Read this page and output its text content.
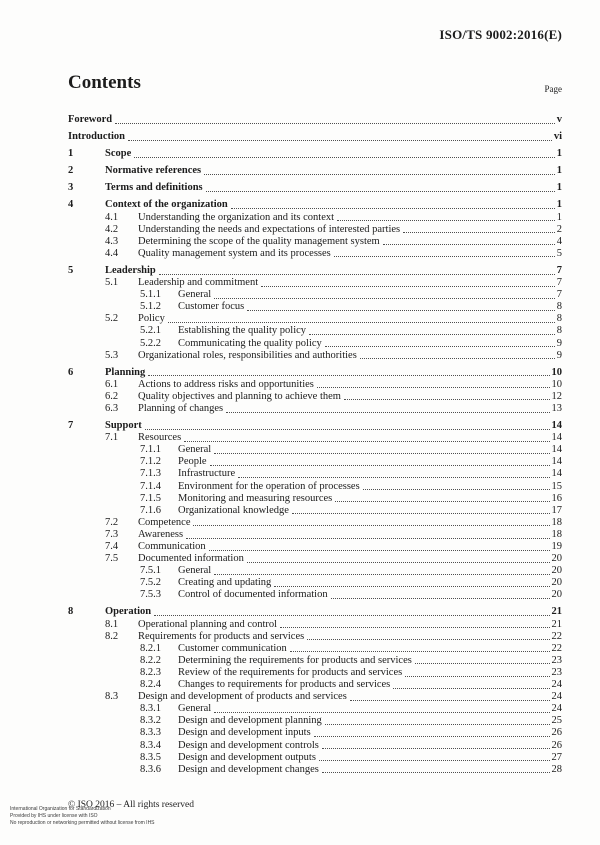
ISO/TS 9002:2016(E)
Contents	Page
Foreword	v
Introduction	vi
1	Scope	1
2	Normative references	1
3	Terms and definitions	1
4	Context of the organization	1
4.1	Understanding the organization and its context	1
4.2	Understanding the needs and expectations of interested parties	2
4.3	Determining the scope of the quality management system	4
4.4	Quality management system and its processes	5
5	Leadership	7
5.1	Leadership and commitment	7
5.1.1	General	7
5.1.2	Customer focus	8
5.2	Policy	8
5.2.1	Establishing the quality policy	8
5.2.2	Communicating the quality policy	9
5.3	Organizational roles, responsibilities and authorities	9
6	Planning	10
6.1	Actions to address risks and opportunities	10
6.2	Quality objectives and planning to achieve them	12
6.3	Planning of changes	13
7	Support	14
7.1	Resources	14
7.1.1	General	14
7.1.2	People	14
7.1.3	Infrastructure	14
7.1.4	Environment for the operation of processes	15
7.1.5	Monitoring and measuring resources	16
7.1.6	Organizational knowledge	17
7.2	Competence	18
7.3	Awareness	18
7.4	Communication	19
7.5	Documented information	20
7.5.1	General	20
7.5.2	Creating and updating	20
7.5.3	Control of documented information	20
8	Operation	21
8.1	Operational planning and control	21
8.2	Requirements for products and services	22
8.2.1	Customer communication	22
8.2.2	Determining the requirements for products and services	23
8.2.3	Review of the requirements for products and services	23
8.2.4	Changes to requirements for products and services	24
8.3	Design and development of products and services	24
8.3.1	General	24
8.3.2	Design and development planning	25
8.3.3	Design and development inputs	26
8.3.4	Design and development controls	26
8.3.5	Design and development outputs	27
8.3.6	Design and development changes	28
© ISO 2016 – All rights reserved
International Organization for Standardization
Provided by IHS under license with ISO
No reproduction or networking permitted without license from IHS
